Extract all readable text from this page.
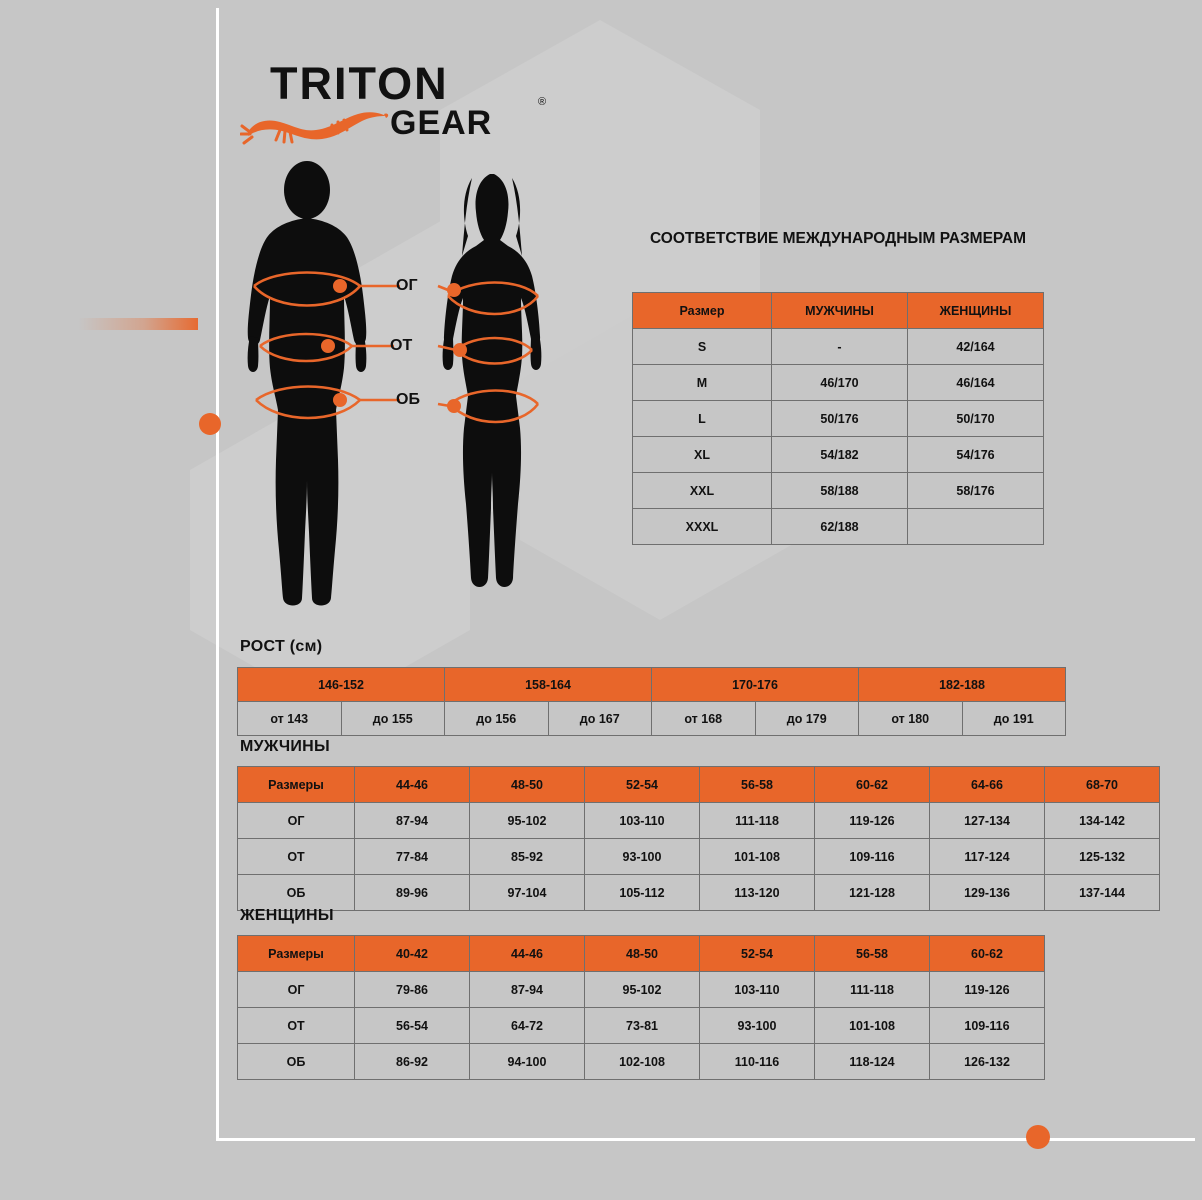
TRITON
GEAR
®
ОГ
ОТ
ОБ
СООТВЕТСТВИЕ МЕЖДУНАРОДНЫМ РАЗМЕРАМ
Размер	МУЖЧИНЫ	ЖЕНЩИНЫ
S	-	42/164
M	46/170	46/164
L	50/176	50/170
XL	54/182	54/176
XXL	58/188	58/176
XXXL	62/188	
РОСТ (см)
146-152		158-164		170-176		182-188	
от 143	до 155	до 156	до 167	от 168	до 179	от 180	до 191
МУЖЧИНЫ
Размеры	44-46	48-50	52-54	56-58	60-62	64-66	68-70
ОГ	87-94	95-102	103-110	111-118	119-126	127-134	134-142
ОТ	77-84	85-92	93-100	101-108	109-116	117-124	125-132
ОБ	89-96	97-104	105-112	113-120	121-128	129-136	137-144
ЖЕНЩИНЫ
Размеры	40-42	44-46	48-50	52-54	56-58	60-62
ОГ	79-86	87-94	95-102	103-110	111-118	119-126
ОТ	56-54	64-72	73-81	93-100	101-108	109-116
ОБ	86-92	94-100	102-108	110-116	118-124	126-132
